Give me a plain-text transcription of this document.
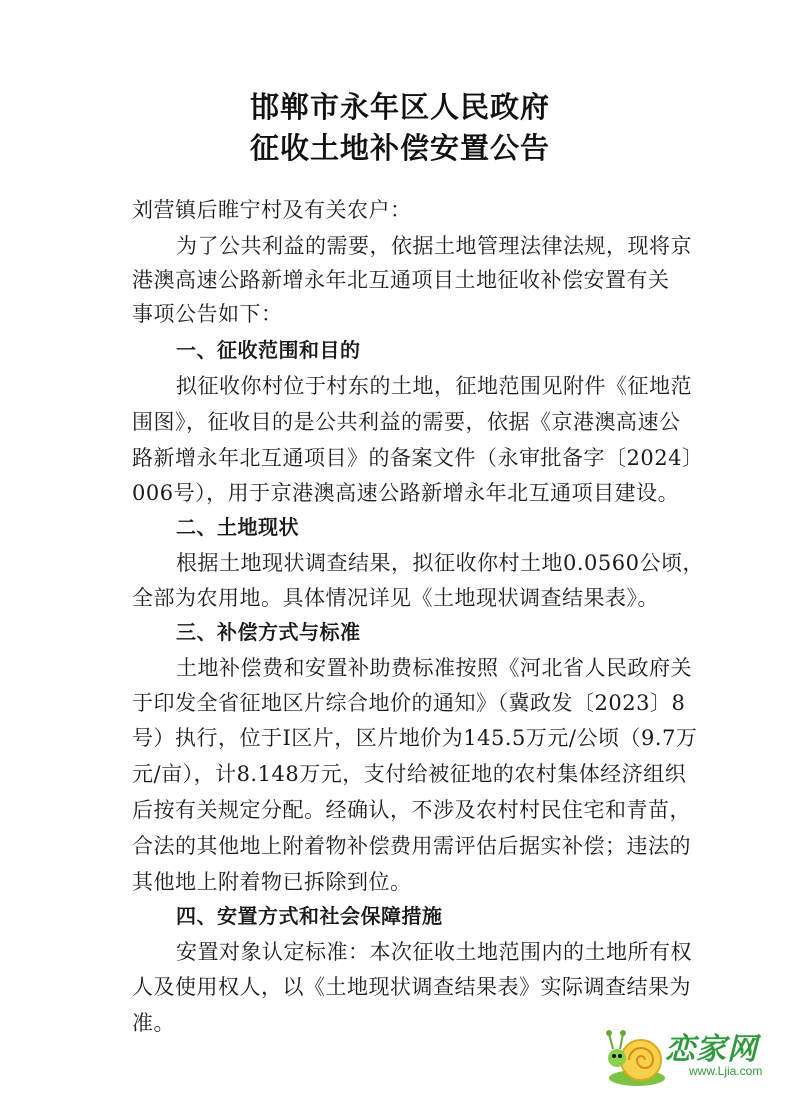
邯郸市永年区人民政府
征收土地补偿安置公告
刘营镇后睢宁村及有关农户：
为了公共利益的需要，依据土地管理法律法规，现将京
港澳高速公路新增永年北互通项目土地征收补偿安置有关
事项公告如下：
一、征收范围和目的
拟征收你村位于村东的土地，征地范围见附件《征地范
围图》，征收目的是公共利益的需要，依据《京港澳高速公
路新增永年北互通项目》的备案文件（永审批备字〔2024〕
006号），用于京港澳高速公路新增永年北互通项目建设。
二、土地现状
根据土地现状调查结果，拟征收你村土地0.0560公顷，
全部为农用地。具体情况详见《土地现状调查结果表》。
三、补偿方式与标准
土地补偿费和安置补助费标准按照《河北省人民政府关
于印发全省征地区片综合地价的通知》（冀政发〔2023〕8
号）执行，位于Ⅰ区片，区片地价为145.5万元/公顷（9.7万
元/亩），计8.148万元，支付给被征地的农村集体经济组织
后按有关规定分配。经确认，不涉及农村村民住宅和青苗，
合法的其他地上附着物补偿费用需评估后据实补偿；违法的
其他地上附着物已拆除到位。
四、安置方式和社会保障措施
安置对象认定标准：本次征收土地范围内的土地所有权
人及使用权人，以《土地现状调查结果表》实际调查结果为
准。
恋家网
www.Ljia.com
